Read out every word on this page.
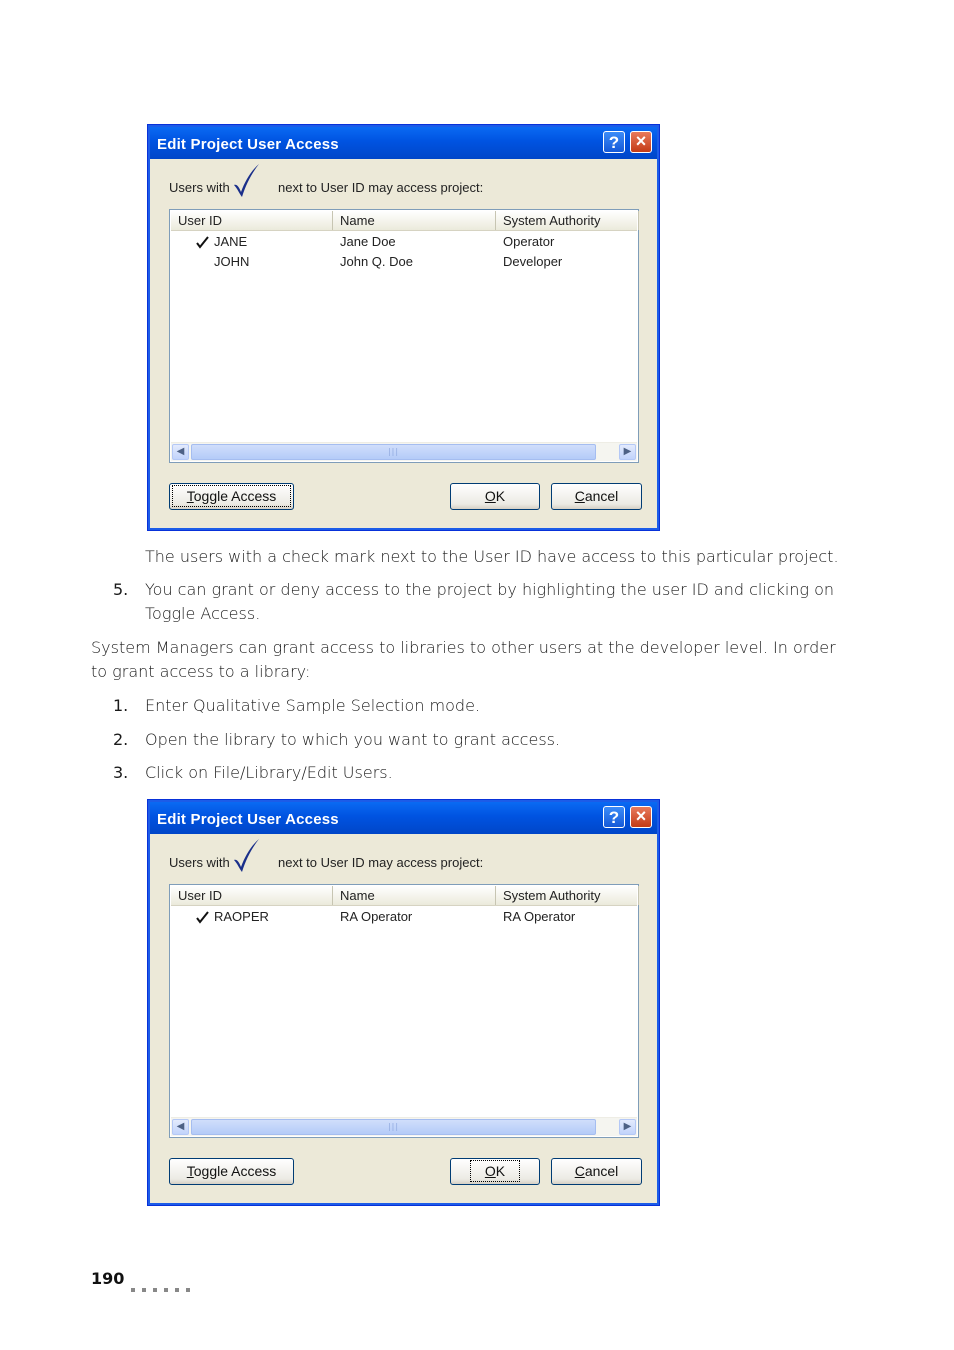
Edit Project User Access	? ×
Users with	next to User ID may access project:
User ID	Name	System Authority
JANE	Jane Doe	Operator
JOHN	John Q. Doe	Developer
◀	|||	▶
Toggle Access	OK	Cancel
The users with a check mark next to the User ID have access to this particular project.
5. You can grant or deny access to the project by highlighting the user ID and clicking on Toggle Access.
System Managers can grant access to libraries to other users at the developer level. In order to grant access to a library:
1. Enter Qualitative Sample Selection mode.
2. Open the library to which you want to grant access.
3. Click on File/Library/Edit Users.
Edit Project User Access	? ×
Users with	next to User ID may access project:
User ID	Name	System Authority
RAOPER	RA Operator	RA Operator
◀	|||	▶
Toggle Access	OK	Cancel
190
